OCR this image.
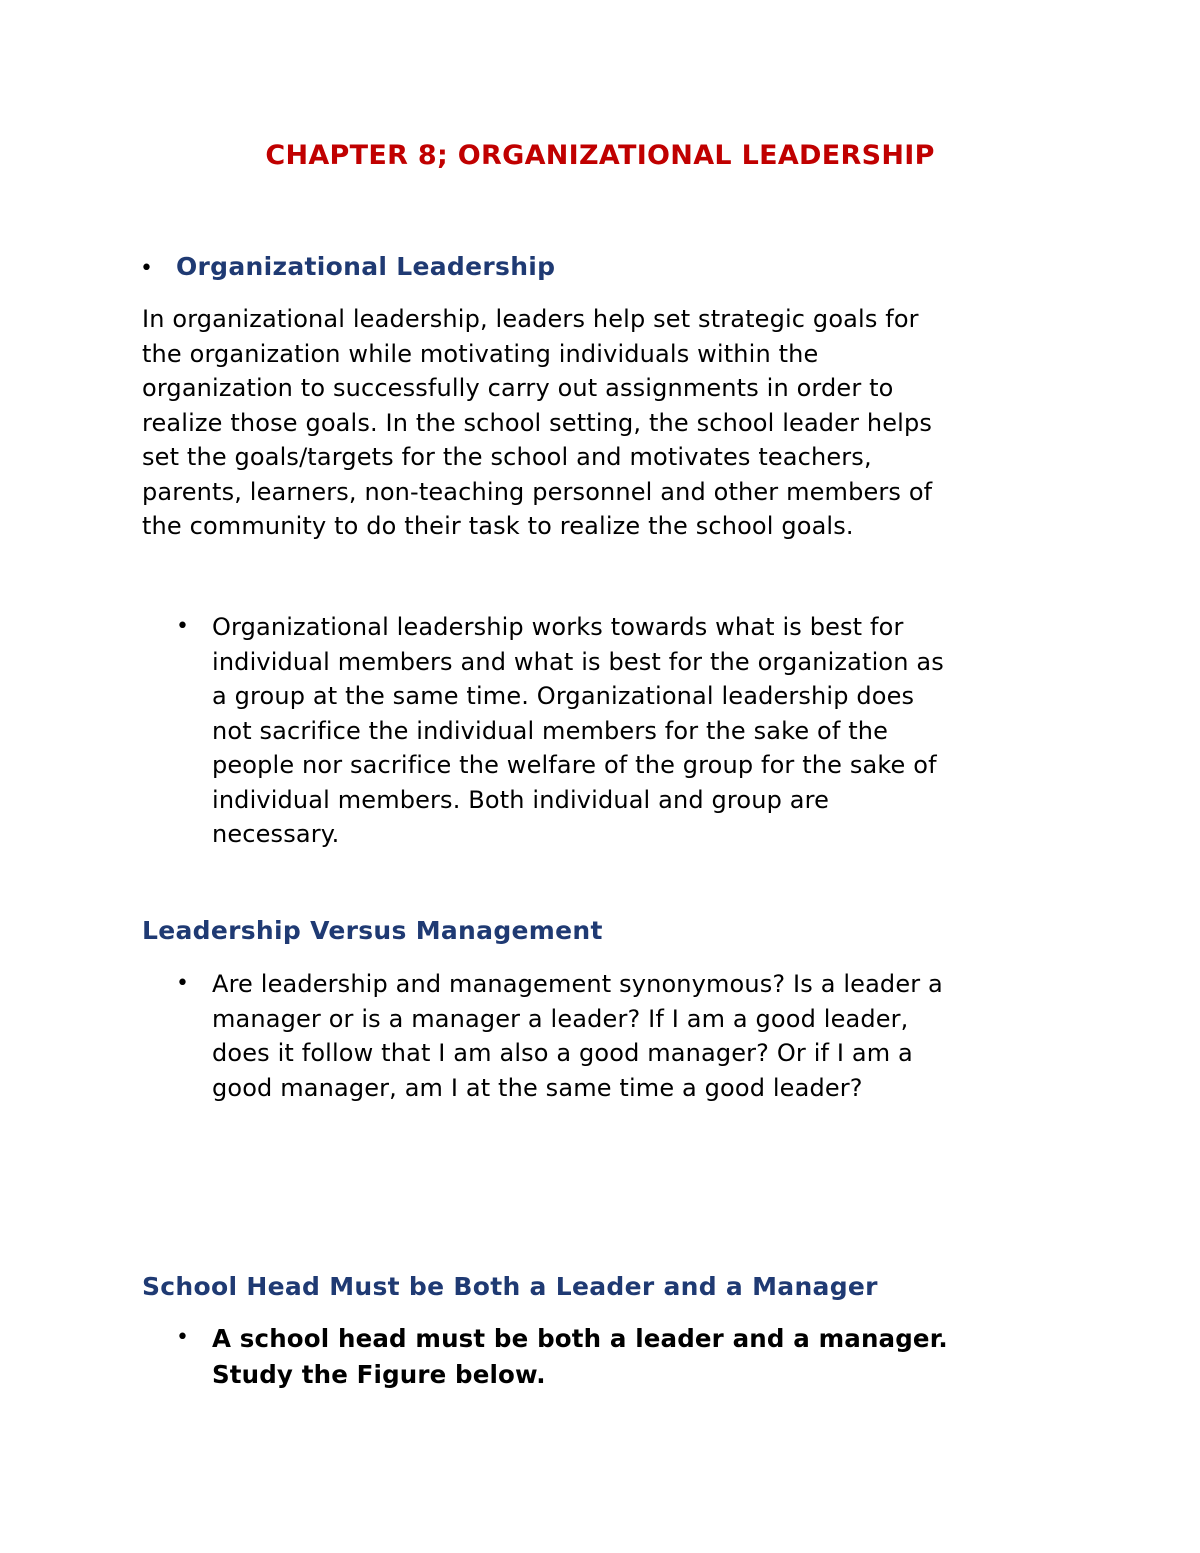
CHAPTER 8; ORGANIZATIONAL LEADERSHIP
• Organizational Leadership
In organizational leadership, leaders help set strategic goals for
the organization while motivating individuals within the
organization to successfully carry out assignments in order to
realize those goals. In the school setting, the school leader helps
set the goals/targets for the school and motivates teachers,
parents, learners, non-teaching personnel and other members of
the community to do their task to realize the school goals.
• Organizational leadership works towards what is best for
individual members and what is best for the organization as
a group at the same time. Organizational leadership does
not sacrifice the individual members for the sake of the
people nor sacrifice the welfare of the group for the sake of
individual members. Both individual and group are
necessary.
Leadership Versus Management
• Are leadership and management synonymous? Is a leader a
manager or is a manager a leader? If I am a good leader,
does it follow that I am also a good manager? Or if I am a
good manager, am I at the same time a good leader?
School Head Must be Both a Leader and a Manager
• A school head must be both a leader and a manager.
Study the Figure below.
